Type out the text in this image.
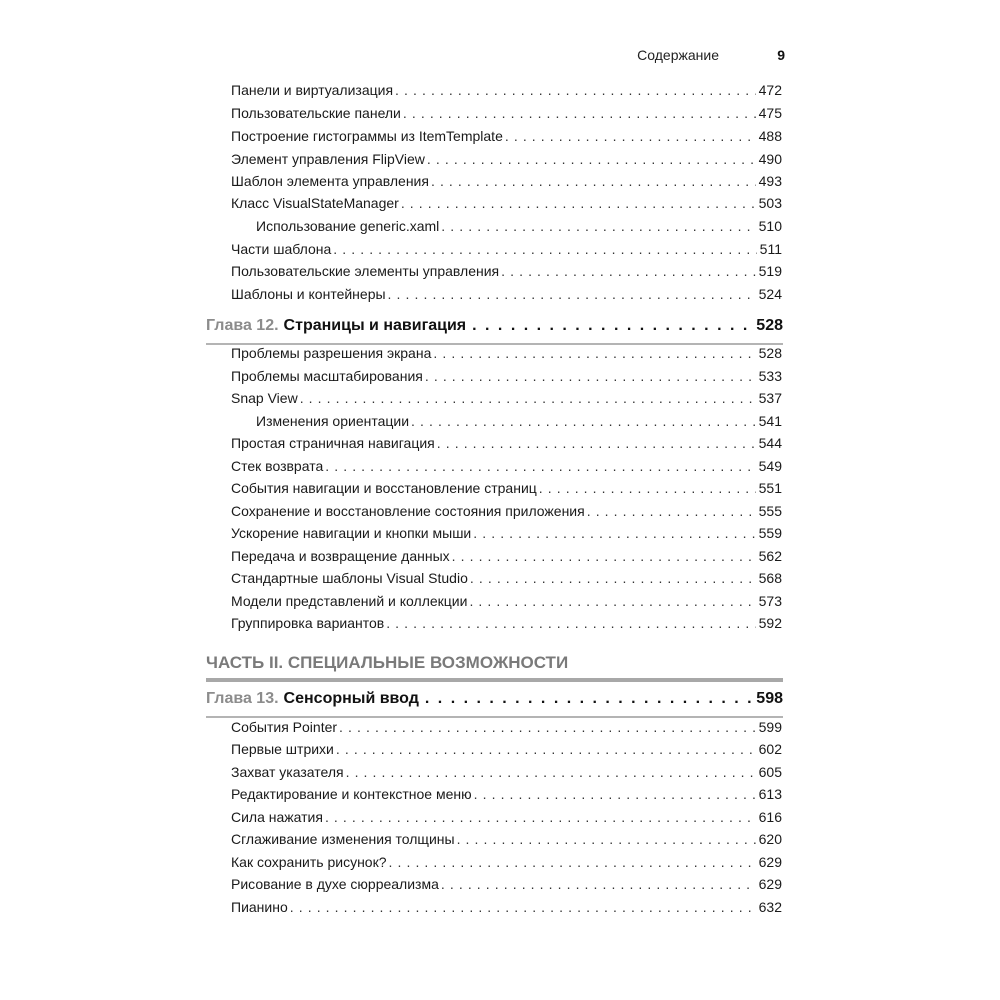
Содержание	9
Панели и виртуализация . . .	472
Пользовательские панели . . .	475
Построение гистограммы из ItemTemplate . . .	488
Элемент управления FlipView . . .	490
Шаблон элемента управления . . .	493
Класс VisualStateManager . . .	503
Использование generic.xaml . . .	510
Части шаблона . . .	511
Пользовательские элементы управления . . .	519
Шаблоны и контейнеры . . .	524
Глава 12. Страницы и навигация . . .	528
Проблемы разрешения экрана . . .	528
Проблемы масштабирования . . .	533
Snap View . . .	537
Изменения ориентации . . .	541
Простая страничная навигация . . .	544
Стек возврата . . .	549
События навигации и восстановление страниц . . .	551
Сохранение и восстановление состояния приложения . . .	555
Ускорение навигации и кнопки мыши . . .	559
Передача и возвращение данных . . .	562
Стандартные шаблоны Visual Studio . . .	568
Модели представлений и коллекции . . .	573
Группировка вариантов . . .	592
ЧАСТЬ II. СПЕЦИАЛЬНЫЕ ВОЗМОЖНОСТИ
Глава 13. Сенсорный ввод . . .	598
События Pointer . . .	599
Первые штрихи . . .	602
Захват указателя . . .	605
Редактирование и контекстное меню . . .	613
Сила нажатия . . .	616
Сглаживание изменения толщины . . .	620
Как сохранить рисунок? . . .	629
Рисование в духе сюрреализма . . .	629
Пианино . . .	632
